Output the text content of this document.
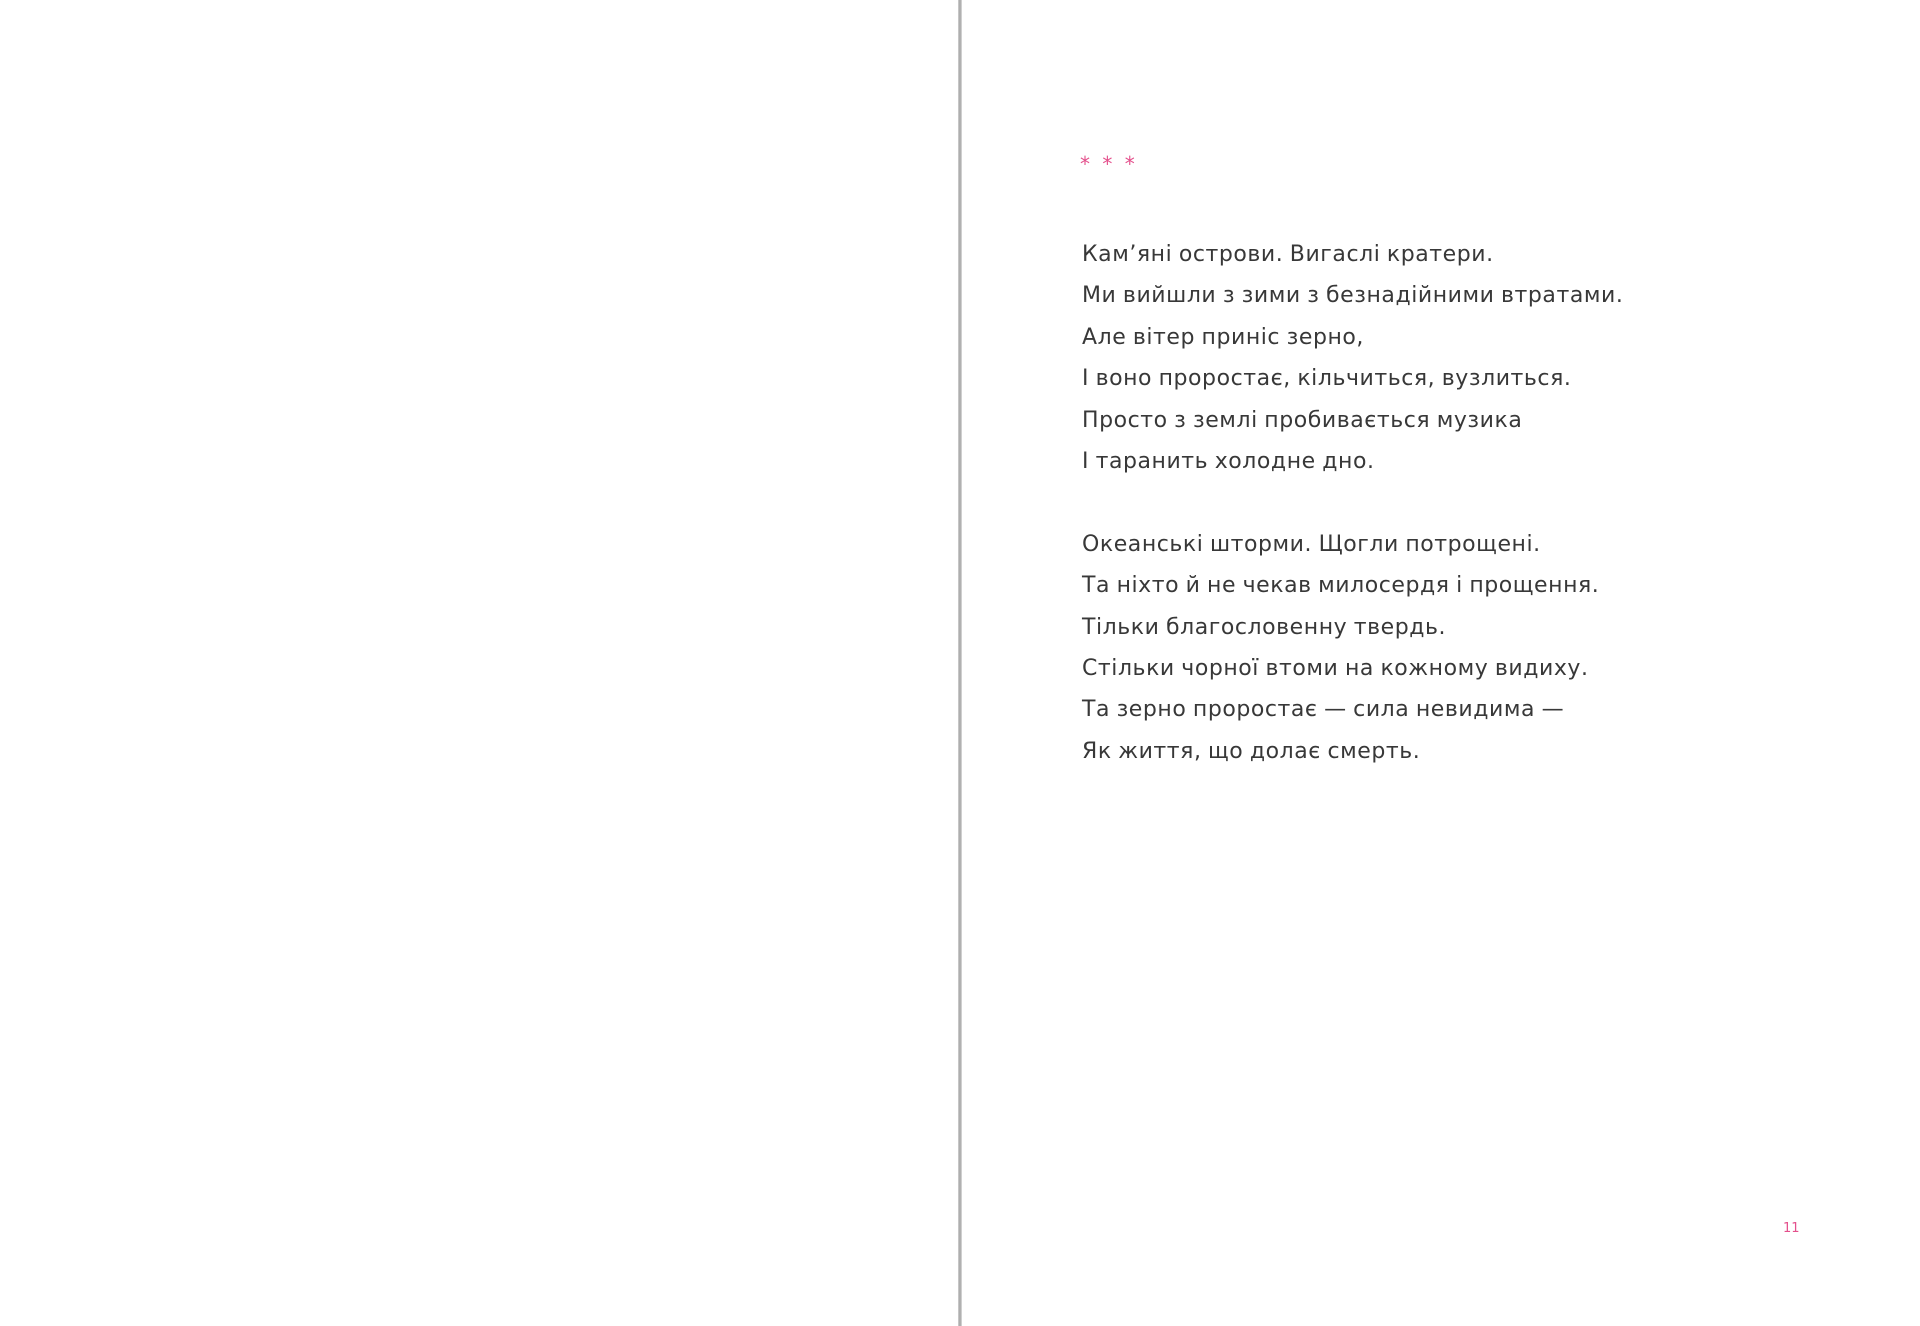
* * *
Кам’яні острови. Вигаслі кратери.
Ми вийшли з зими з безнадійними втратами.
Але вітер приніс зерно,
І воно проростає, кільчиться, вузлиться.
Просто з землі пробивається музика
І таранить холодне дно.
Океанські шторми. Щогли потрощені.
Та ніхто й не чекав милосердя і прощення.
Тільки благословенну твердь.
Стільки чорної втоми на кожному видиху.
Та зерно проростає — сила невидима —
Як життя, що долає смерть.
11
